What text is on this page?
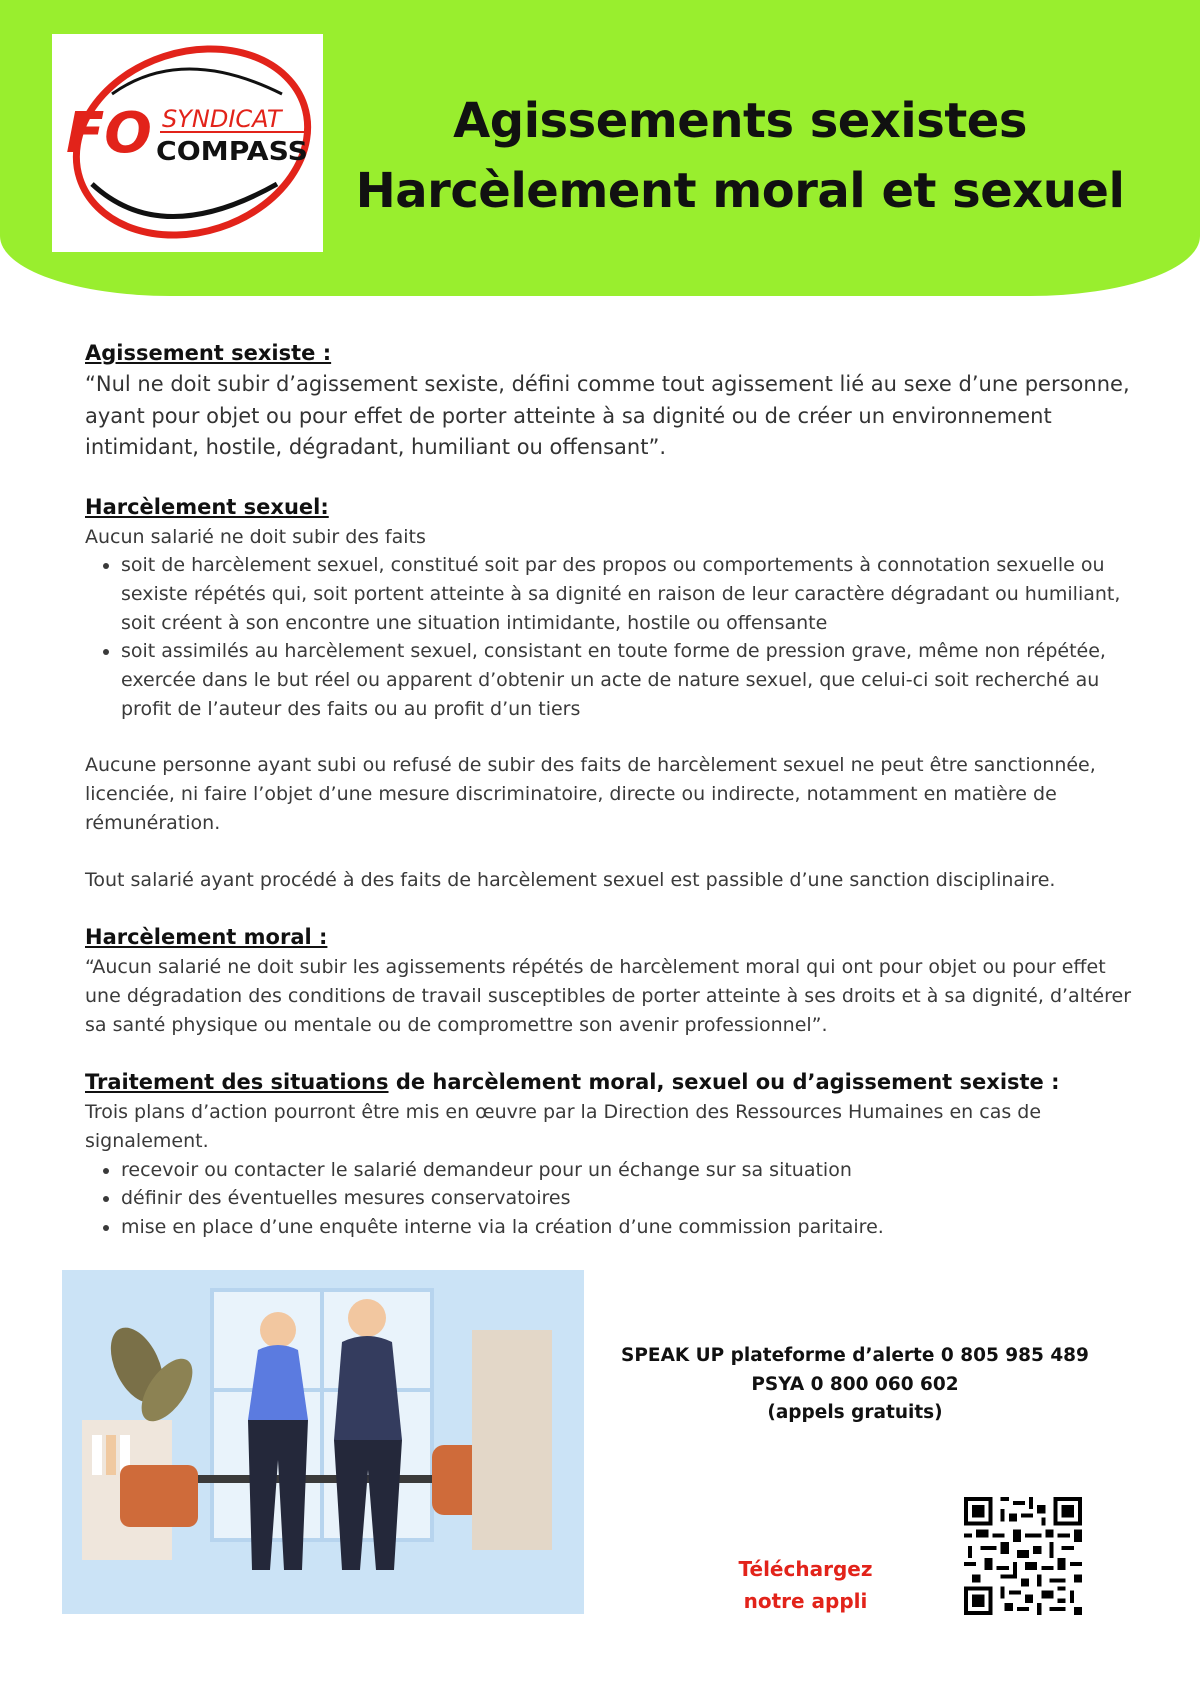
FO SYNDICAT
COMPASS
Agissements sexistes
Harcèlement moral et sexuel
Agissement sexiste :

“Nul ne doit subir d’agissement sexiste, défini comme tout agissement lié au sexe d’une personne, ayant pour objet ou pour effet de porter atteinte à sa dignité ou de créer un environnement intimidant, hostile, dégradant, humiliant ou offensant”.

Harcèlement sexuel:

Aucun salarié ne doit subir des faits

• soit de harcèlement sexuel, constitué soit par des propos ou comportements à connotation sexuelle ou sexiste répétés qui, soit portent atteinte à sa dignité en raison de leur caractère dégradant ou humiliant, soit créent à son encontre une situation intimidante, hostile ou offensante
• soit assimilés au harcèlement sexuel, consistant en toute forme de pression grave, même non répétée, exercée dans le but réel ou apparent d’obtenir un acte de nature sexuel, que celui-ci soit recherché au profit de l’auteur des faits ou au profit d’un tiers

Aucune personne ayant subi ou refusé de subir des faits de harcèlement sexuel ne peut être sanctionnée, licenciée, ni faire l’objet d’une mesure discriminatoire, directe ou indirecte, notamment en matière de rémunération.

Tout salarié ayant procédé à des faits de harcèlement sexuel est passible d’une sanction disciplinaire.

Harcèlement moral :

“Aucun salarié ne doit subir les agissements répétés de harcèlement moral qui ont pour objet ou pour effet une dégradation des conditions de travail susceptibles de porter atteinte à ses droits et à sa dignité, d’altérer sa santé physique ou mentale ou de compromettre son avenir professionnel”.

Traitement des situations de harcèlement moral, sexuel ou d’agissement sexiste :

Trois plans d’action pourront être mis en œuvre par la Direction des Ressources Humaines en cas de signalement.

• recevoir ou contacter le salarié demandeur pour un échange sur sa situation
• définir des éventuelles mesures conservatoires
• mise en place d’une enquête interne via la création d’une commission paritaire.
SPEAK UP plateforme d’alerte 0 805 985 489
PSYA 0 800 060 602
(appels gratuits)
Téléchargez
notre appli
